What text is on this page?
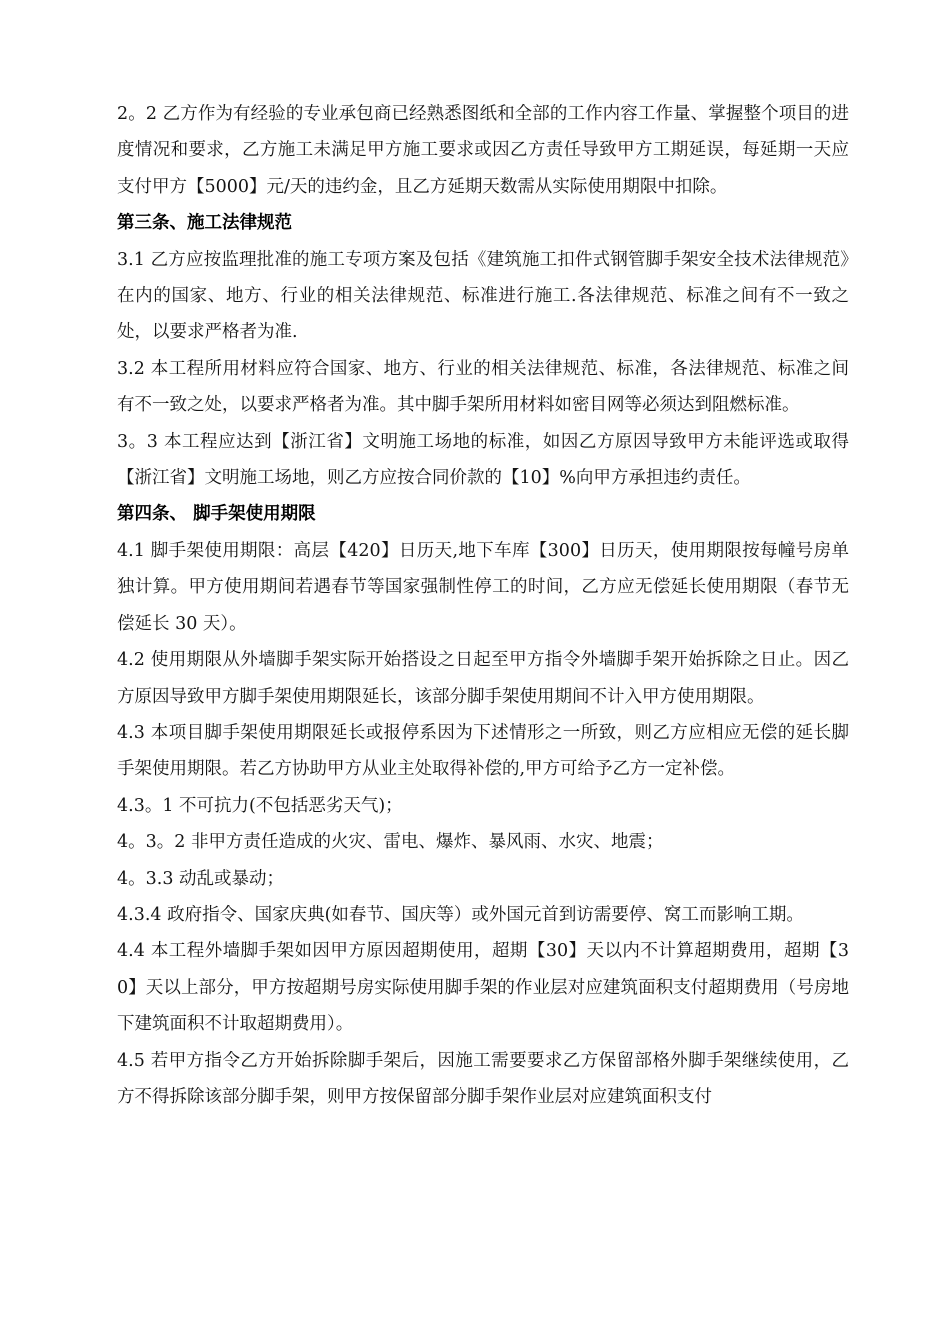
2。2 乙方作为有经验的专业承包商已经熟悉图纸和全部的工作内容工作量、掌握整个项目的进度情况和要求，乙方施工未满足甲方施工要求或因乙方责任导致甲方工期延误，每延期一天应支付甲方【5000】元/天的违约金，且乙方延期天数需从实际使用期限中扣除。

第三条、施工法律规范

3.1 乙方应按监理批准的施工专项方案及包括《建筑施工扣件式钢管脚手架安全技术法律规范》在内的国家、地方、行业的相关法律规范、标准进行施工.各法律规范、标准之间有不一致之处，以要求严格者为准.

3.2 本工程所用材料应符合国家、地方、行业的相关法律规范、标准，各法律规范、标准之间有不一致之处，以要求严格者为准。其中脚手架所用材料如密目网等必须达到阻燃标准。

3。3 本工程应达到【浙江省】文明施工场地的标准，如因乙方原因导致甲方未能评选或取得【浙江省】文明施工场地，则乙方应按合同价款的【10】%向甲方承担违约责任。

第四条、 脚手架使用期限

4.1 脚手架使用期限：高层【420】日历天,地下车库【300】日历天，使用期限按每幢号房单独计算。甲方使用期间若遇春节等国家强制性停工的时间，乙方应无偿延长使用期限（春节无偿延长 30 天）。

4.2 使用期限从外墙脚手架实际开始搭设之日起至甲方指令外墙脚手架开始拆除之日止。因乙方原因导致甲方脚手架使用期限延长，该部分脚手架使用期间不计入甲方使用期限。

4.3 本项目脚手架使用期限延长或报停系因为下述情形之一所致，则乙方应相应无偿的延长脚手架使用期限。若乙方协助甲方从业主处取得补偿的,甲方可给予乙方一定补偿。

4.3。1 不可抗力(不包括恶劣天气)；

4。3。2 非甲方责任造成的火灾、雷电、爆炸、暴风雨、水灾、地震；

4。3.3 动乱或暴动；

4.3.4 政府指令、国家庆典(如春节、国庆等）或外国元首到访需要停、窝工而影响工期。

4.4 本工程外墙脚手架如因甲方原因超期使用，超期【30】天以内不计算超期费用，超期【30】天以上部分，甲方按超期号房实际使用脚手架的作业层对应建筑面积支付超期费用（号房地下建筑面积不计取超期费用）。

4.5 若甲方指令乙方开始拆除脚手架后，因施工需要要求乙方保留部格外脚手架继续使用，乙方不得拆除该部分脚手架，则甲方按保留部分脚手架作业层对应建筑面积支付
